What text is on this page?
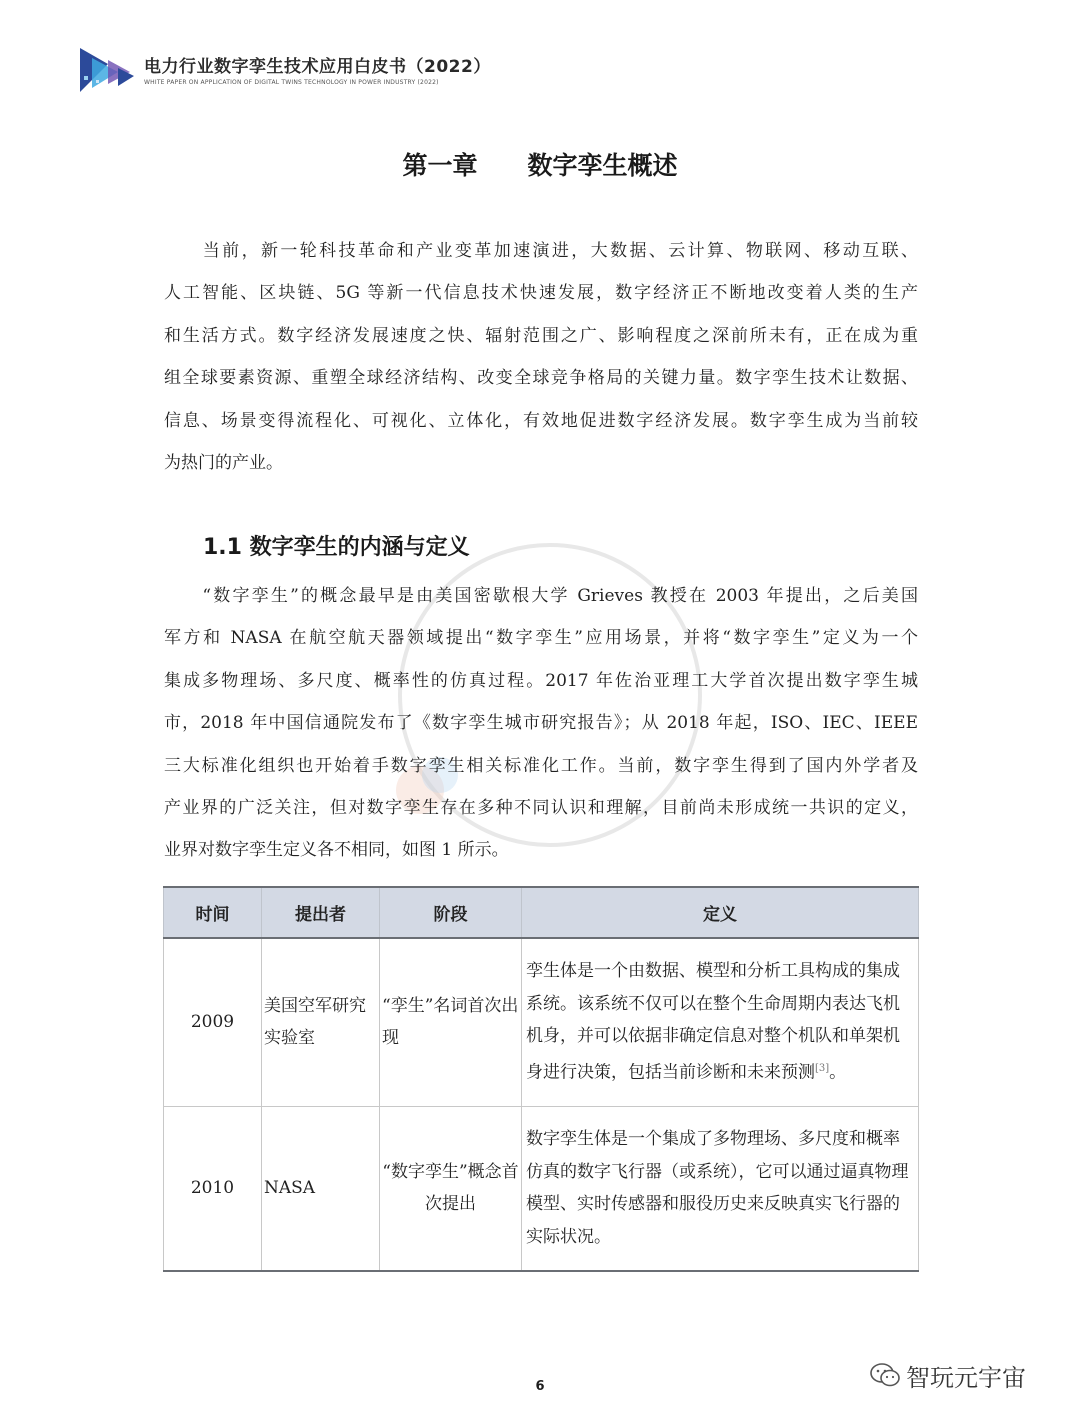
电力行业数字孪生技术应用白皮书（2022）
WHITE PAPER ON APPLICATION OF DIGITAL TWINS TECHNOLOGY IN POWER INDUSTRY (2022)
第一章　　数字孪生概述
　　当前，新一轮科技革命和产业变革加速演进，大数据、云计算、物联网、移动互联、
人工智能、区块链、5G 等新一代信息技术快速发展，数字经济正不断地改变着人类的生产
和生活方式。数字经济发展速度之快、辐射范围之广、影响程度之深前所未有，正在成为重
组全球要素资源、重塑全球经济结构、改变全球竞争格局的关键力量。数字孪生技术让数据、
信息、场景变得流程化、可视化、立体化，有效地促进数字经济发展。数字孪生成为当前较
为热门的产业。
1.1 数字孪生的内涵与定义
　　“数字孪生”的概念最早是由美国密歇根大学 Grieves 教授在 2003 年提出，之后美国
军方和 NASA 在航空航天器领域提出“数字孪生”应用场景，并将“数字孪生”定义为一个
集成多物理场、多尺度、概率性的仿真过程。2017 年佐治亚理工大学首次提出数字孪生城
市，2018 年中国信通院发布了《数字孪生城市研究报告》；从 2018 年起，ISO、IEC、IEEE
三大标准化组织也开始着手数字孪生相关标准化工作。当前，数字孪生得到了国内外学者及
产业界的广泛关注，但对数字孪生存在多种不同认识和理解，目前尚未形成统一共识的定义，
业界对数字孪生定义各不相同，如图 1 所示。
时间	提出者	阶段	定义
2009	美国空军研究实验室	“孪生”名词首次出现	孪生体是一个由数据、模型和分析工具构成的集成系统。该系统不仅可以在整个生命周期内表达飞机机身，并可以依据非确定信息对整个机队和单架机身进行决策，包括当前诊断和未来预测[3]。
2010	NASA	“数字孪生”概念首次提出	数字孪生体是一个集成了多物理场、多尺度和概率仿真的数字飞行器（或系统），它可以通过逼真物理模型、实时传感器和服役历史来反映真实飞行器的实际状况。
6	智玩元宇宙
